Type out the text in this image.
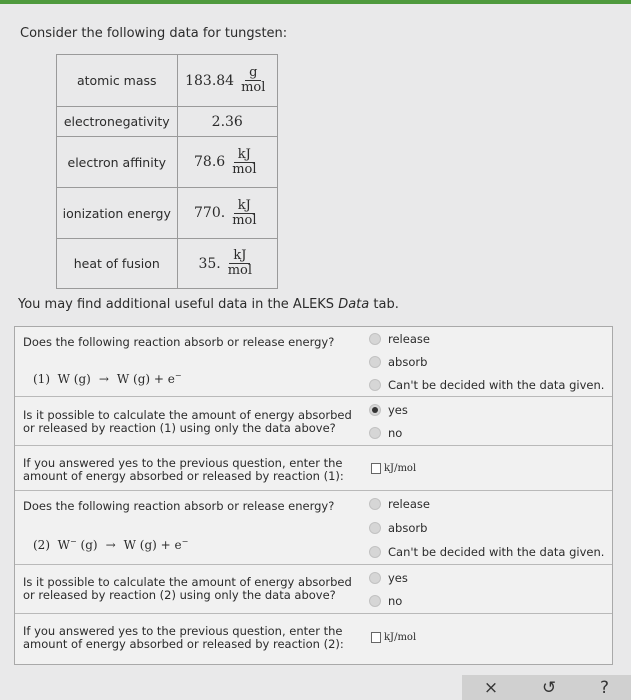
Consider the following data for tungsten:
atomic mass	$183.84 \frac{g}{\text{mol}}$

electronegativity	2.36

electron affinity	$78.6 \frac{kJ}{\text{mol}}$

ionization energy	770. $\frac{kJ}{\text{mol}}$

heat of fusion	35. $\frac{kJ}{\text{mol}}$
You may find additional useful data in the ALEKS Data tab.
Does the following reaction absorb or release energy?
(1) W (g) → W (g) + e−
release
absorb
Can't be decided with the data given.
Is it possible to calculate the amount of energy absorbed or released by reaction (1) using only the data above?
yes
no
If you answered yes to the previous question, enter the amount of energy absorbed or released by reaction (1):
kJ/mol
Does the following reaction absorb or release energy?
(2) W− (g) → W (g) + e−
release
absorb
Can't be decided with the data given.
Is it possible to calculate the amount of energy absorbed or released by reaction (2) using only the data above?
yes
no
If you answered yes to the previous question, enter the amount of energy absorbed or released by reaction (2):	kJ/mol
×	↺	?
